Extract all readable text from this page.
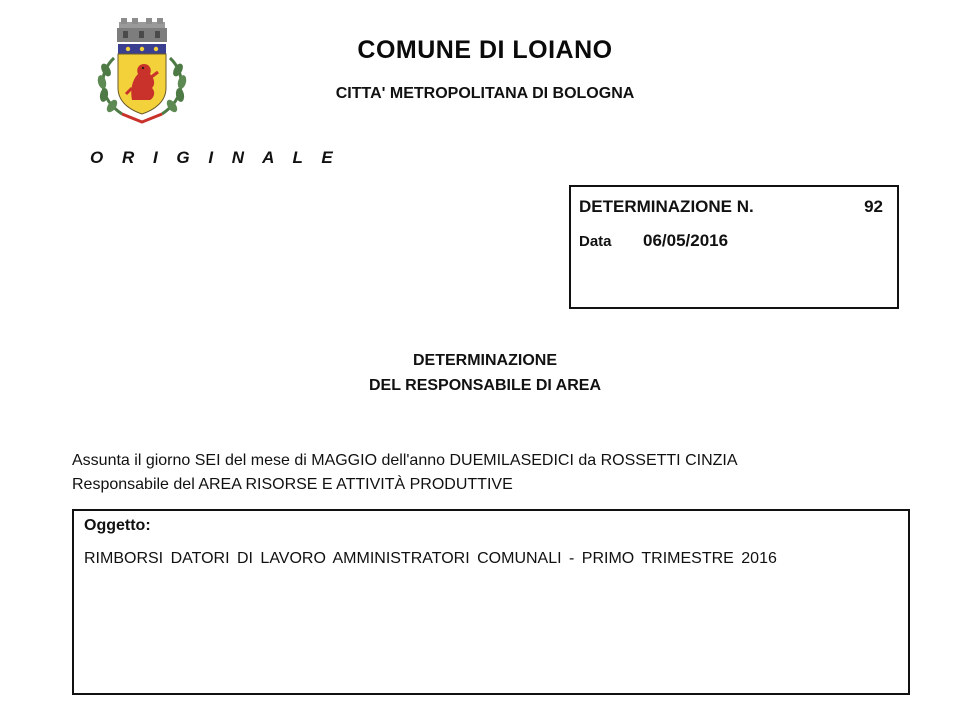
COMUNE DI LOIANO
CITTA' METROPOLITANA DI BOLOGNA
O R I G I N A L E
DETERMINAZIONE N.	92
Data 06/05/2016
DETERMINAZIONE
DEL RESPONSABILE DI AREA
Assunta il giorno SEI del mese di MAGGIO dell'anno DUEMILASEDICI da ROSSETTI CINZIA
Responsabile del AREA RISORSE E ATTIVITÀ PRODUTTIVE
Oggetto:
RIMBORSI DATORI DI LAVORO AMMINISTRATORI COMUNALI - PRIMO TRIMESTRE 2016
